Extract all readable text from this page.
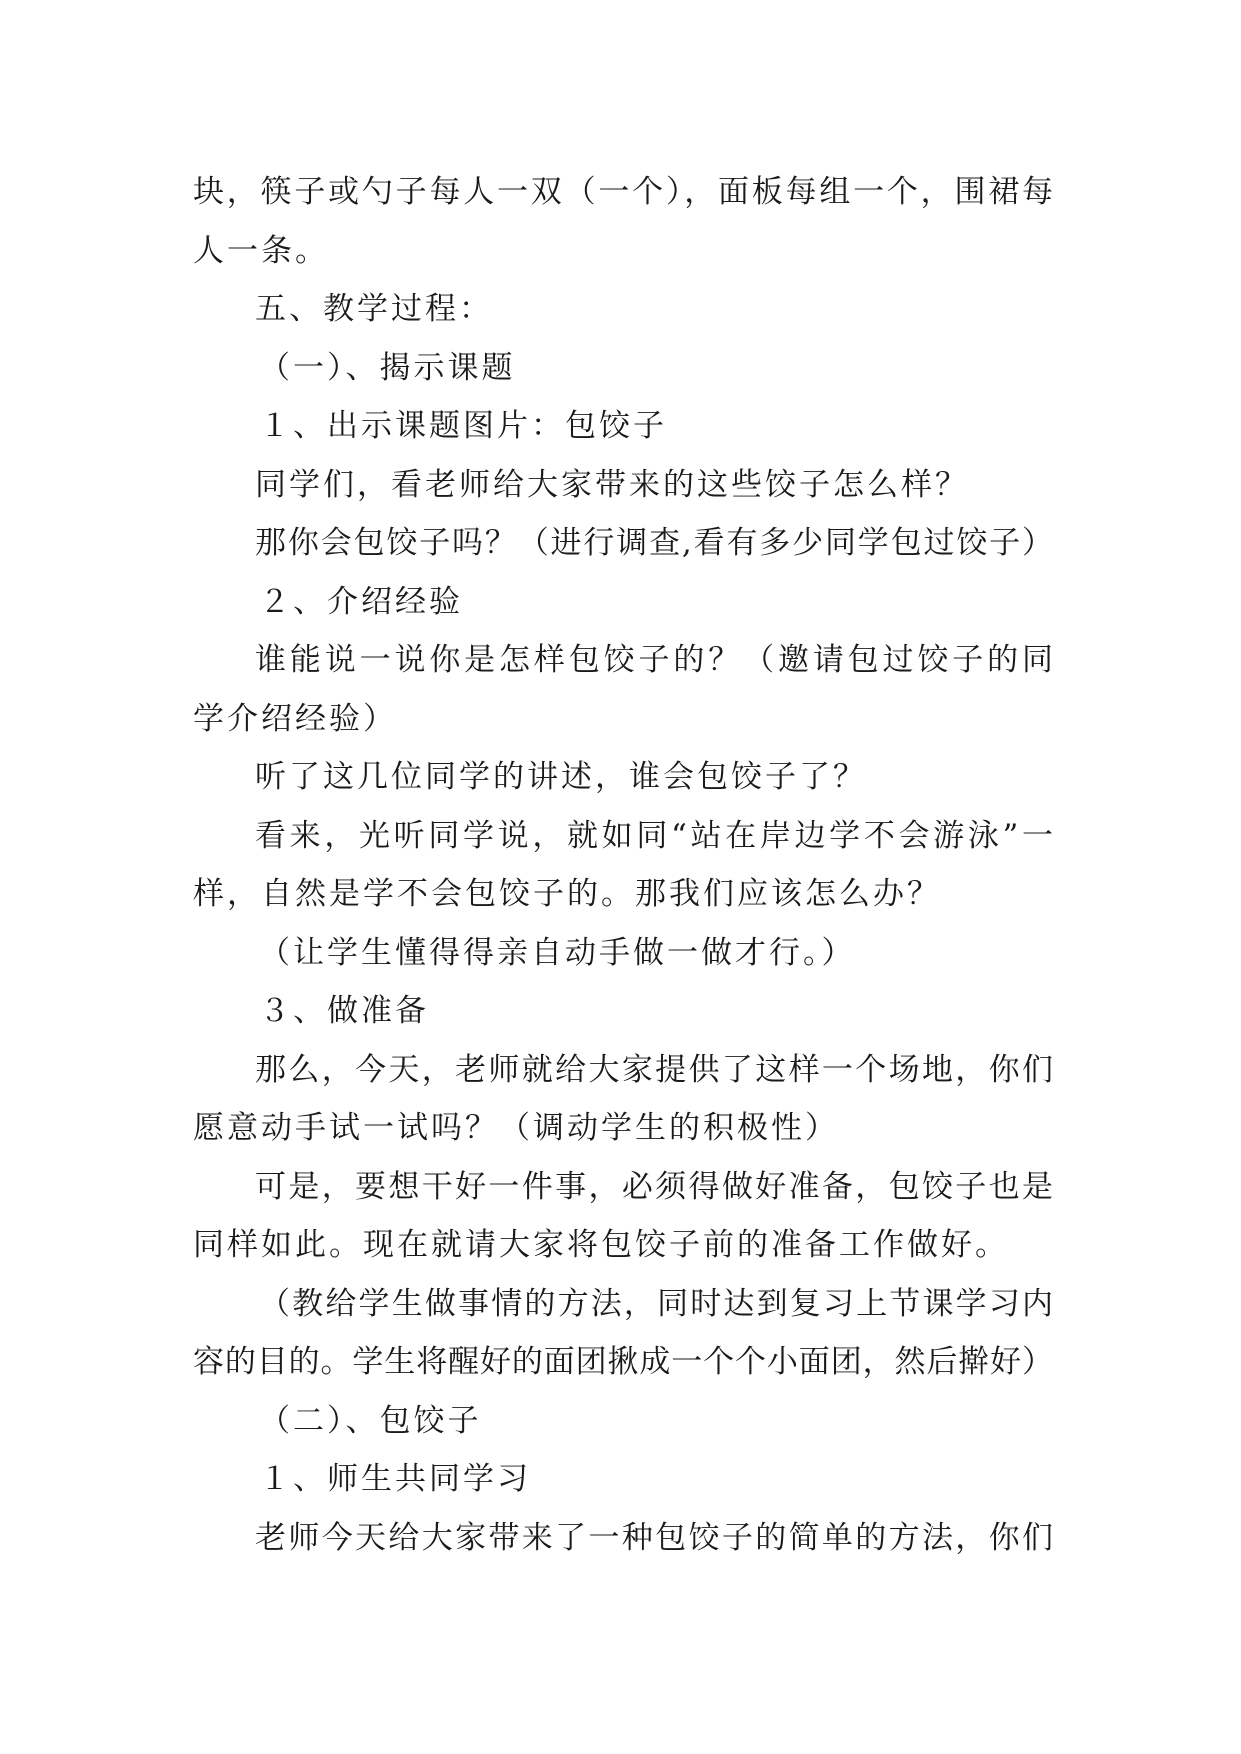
块，筷子或勺子每人一双（一个），面板每组一个，围裙每
人一条。
五、教学过程：
（一）、揭示课题
１、出示课题图片：包饺子
同学们，看老师给大家带来的这些饺子怎么样？
那你会包饺子吗？（进行调查,看有多少同学包过饺子）
２、介绍经验
谁能说一说你是怎样包饺子的？（邀请包过饺子的同
学介绍经验）
听了这几位同学的讲述，谁会包饺子了？
看来，光听同学说，就如同“站在岸边学不会游泳”一
样，自然是学不会包饺子的。那我们应该怎么办？
（让学生懂得得亲自动手做一做才行。）
３、做准备
那么，今天，老师就给大家提供了这样一个场地，你们
愿意动手试一试吗？（调动学生的积极性）
可是，要想干好一件事，必须得做好准备，包饺子也是
同样如此。现在就请大家将包饺子前的准备工作做好。
（教给学生做事情的方法，同时达到复习上节课学习内
容的目的。学生将醒好的面团揪成一个个小面团，然后擀好）
（二）、包饺子
１、师生共同学习
老师今天给大家带来了一种包饺子的简单的方法，你们
